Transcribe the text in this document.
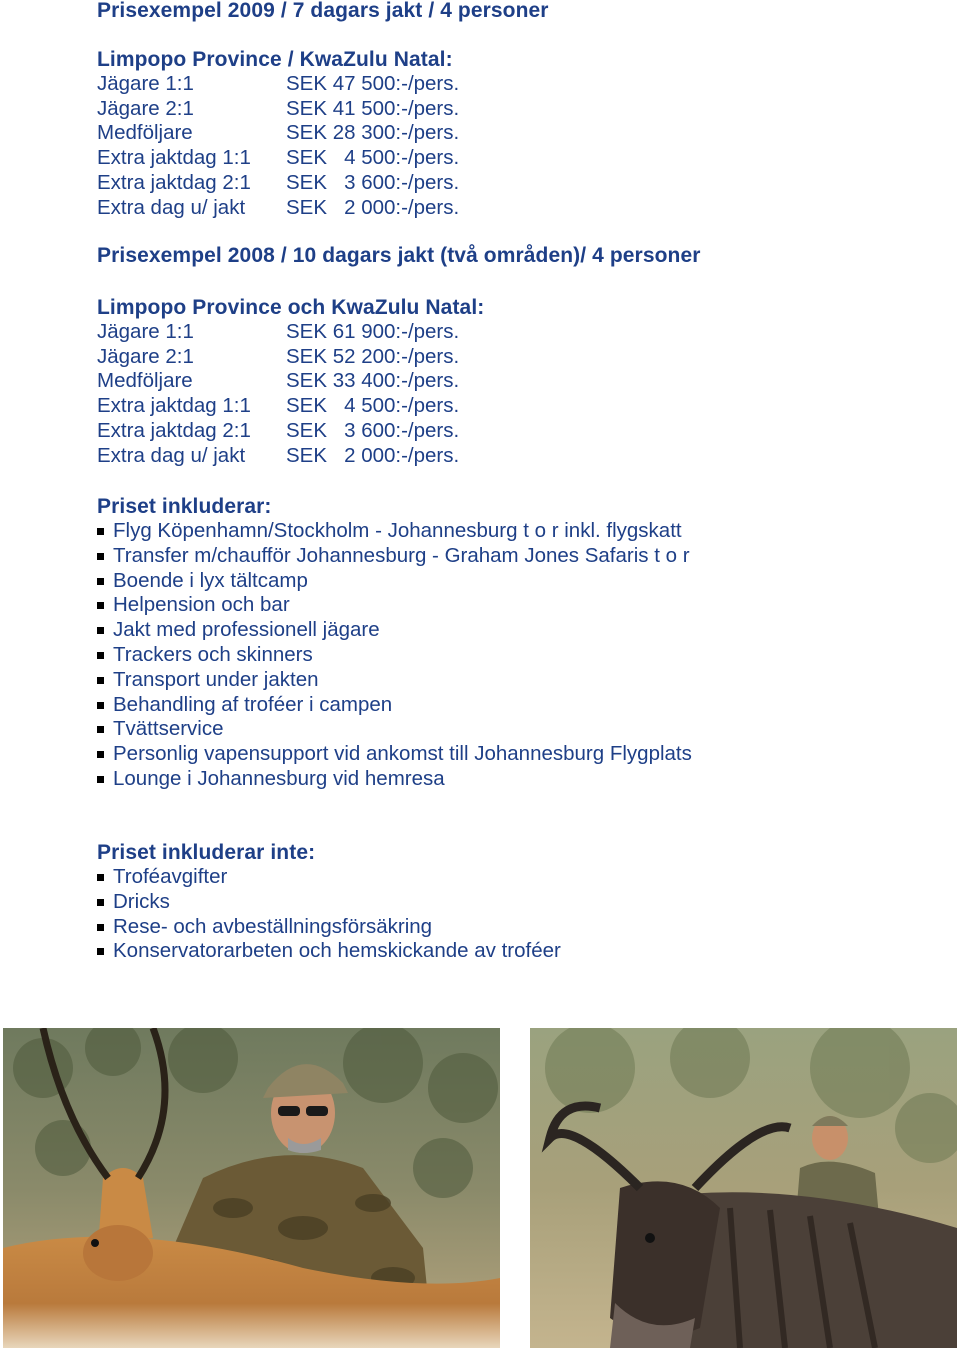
Prisexempel 2009 / 7 dagars jakt / 4 personer
Limpopo Province / KwaZulu Natal:
Jägare 1:1	SEK 47 500:-/pers.
Jägare 2:1	SEK 41 500:-/pers.
Medföljare	SEK 28 300:-/pers.
Extra jaktdag 1:1	SEK   4 500:-/pers.
Extra jaktdag 2:1	SEK   3 600:-/pers.
Extra dag u/ jakt	SEK   2 000:-/pers.
Prisexempel 2008 / 10 dagars jakt (två områden)/ 4 personer
Limpopo Province och KwaZulu Natal:
Jägare 1:1	SEK 61 900:-/pers.
Jägare 2:1	SEK 52 200:-/pers.
Medföljare	SEK 33 400:-/pers.
Extra jaktdag 1:1	SEK   4 500:-/pers.
Extra jaktdag 2:1	SEK   3 600:-/pers.
Extra dag u/ jakt	SEK   2 000:-/pers.
Priset inkluderar:
Flyg Köpenhamn/Stockholm - Johannesburg t o r inkl. flygskatt
Transfer m/chaufför Johannesburg - Graham Jones Safaris t o r
Boende i lyx tältcamp
Helpension och bar
Jakt med professionell jägare
Trackers och skinners
Transport under jakten
Behandling af troféer i campen
Tvättservice
Personlig vapensupport vid ankomst till Johannesburg Flygplats
Lounge i Johannesburg vid hemresa
Priset inkluderar inte:
Troféavgifter
Dricks
Rese- och avbeställningsförsäkring
Konservatorarbeten och hemskickande av troféer
